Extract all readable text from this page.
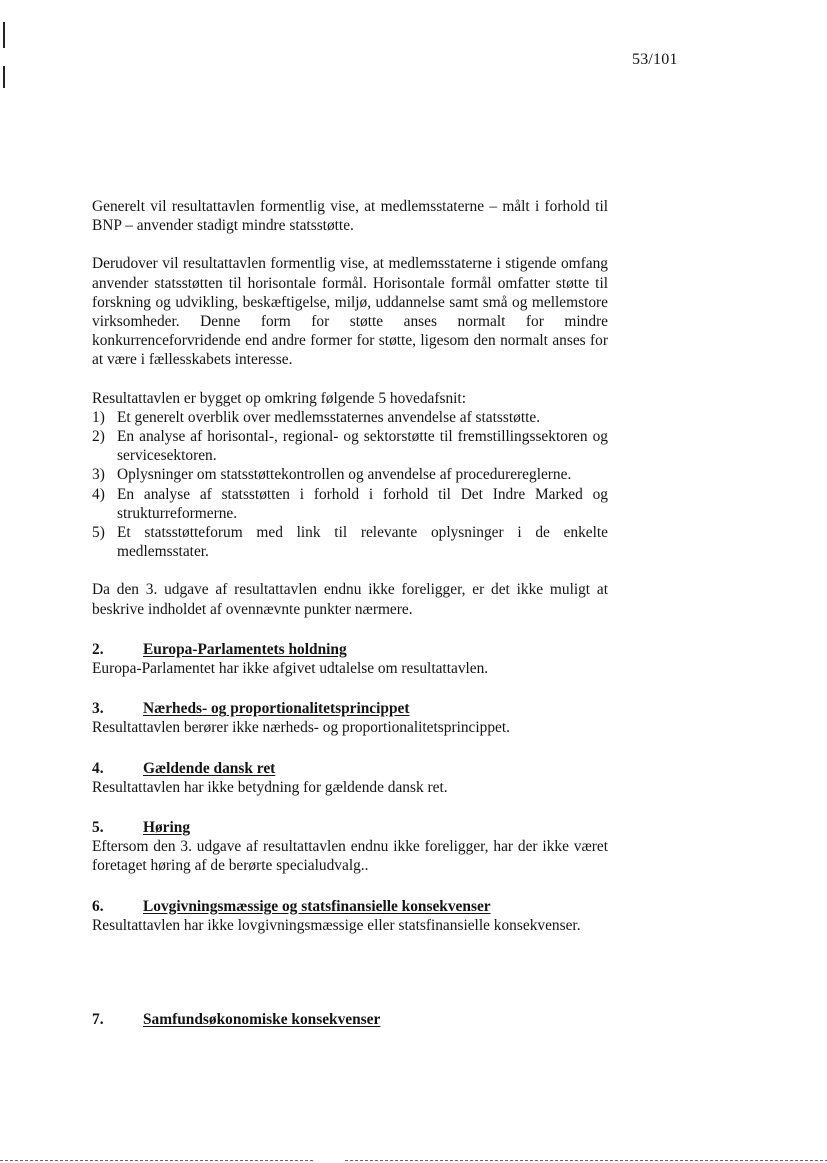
53/101

Generelt vil resultattavlen formentlig vise, at medlemsstaterne – målt i forhold til BNP – anvender stadigt mindre statsstøtte.

Derudover vil resultattavlen formentlig vise, at medlemsstaterne i stigende omfang anvender statsstøtten til horisontale formål. Horisontale formål omfatter støtte til forskning og udvikling, beskæftigelse, miljø, uddannelse samt små og mellemstore virksomheder. Denne form for støtte anses normalt for mindre konkurrenceforvridende end andre former for støtte, ligesom den normalt anses for at være i fællesskabets interesse.

Resultattavlen er bygget op omkring følgende 5 hovedafsnit:

1) Et generelt overblik over medlemsstaternes anvendelse af statsstøtte.
2) En analyse af horisontal-, regional- og sektorstøtte til fremstillingssektoren og servicesektoren.
3) Oplysninger om statsstøttekontrollen og anvendelse af procedurereglerne.
4) En analyse af statsstøtten i forhold i forhold til Det Indre Marked og strukturreformerne.
5) Et statsstøtteforum med link til relevante oplysninger i de enkelte medlemsstater.

Da den 3. udgave af resultattavlen endnu ikke foreligger, er det ikke muligt at beskrive indholdet af ovennævnte punkter nærmere.

2.	Europa-Parlamentets holdning

Europa-Parlamentet har ikke afgivet udtalelse om resultattavlen.

3.	Nærheds- og proportionalitetsprincippet

Resultattavlen berører ikke nærheds- og proportionalitetsprincippet.

4.	Gældende dansk ret

Resultattavlen har ikke betydning for gældende dansk ret.

5.	Høring

Eftersom den 3. udgave af resultattavlen endnu ikke foreligger, har der ikke været foretaget høring af de berørte specialudvalg..

6.	Lovgivningsmæssige og statsfinansielle konsekvenser

Resultattavlen har ikke lovgivningsmæssige eller statsfinansielle konsekvenser.

7.	Samfundsøkonomiske konsekvenser
